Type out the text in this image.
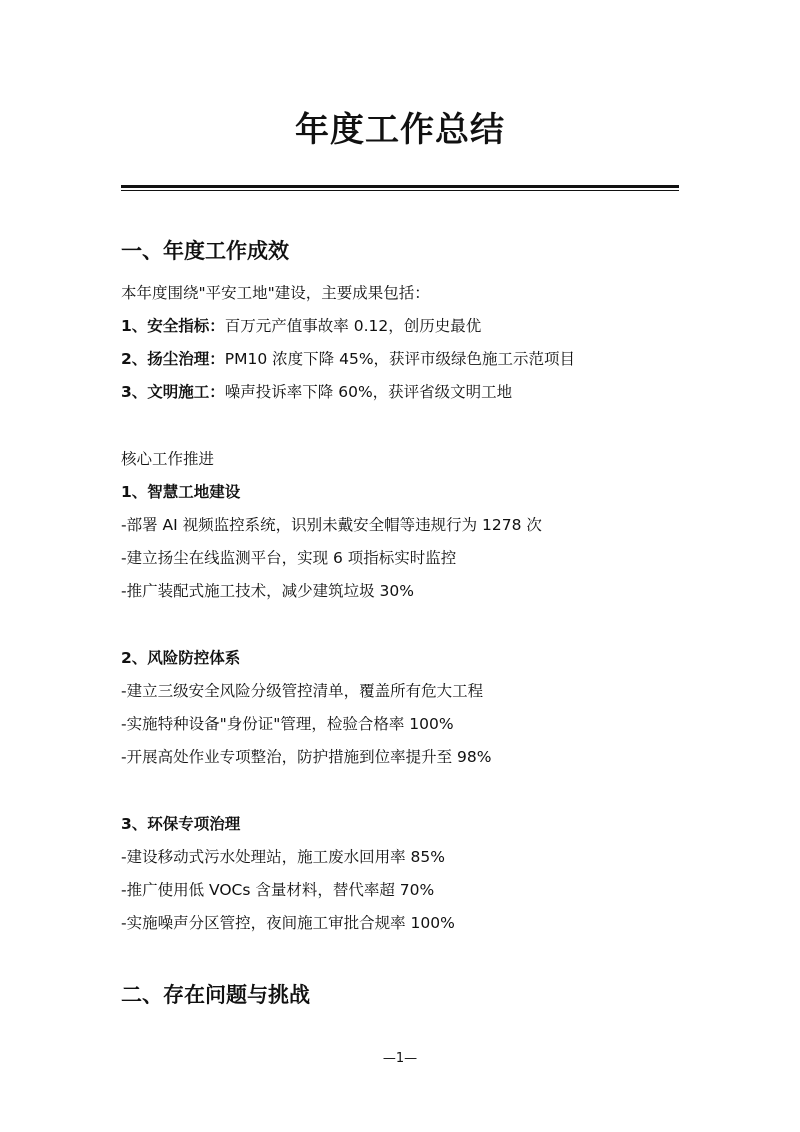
年度工作总结
一、年度工作成效
本年度围绕"平安工地"建设，主要成果包括：
1、安全指标：百万元产值事故率 0.12，创历史最优
2、扬尘治理：PM10 浓度下降 45%，获评市级绿色施工示范项目
3、文明施工：噪声投诉率下降 60%，获评省级文明工地
核心工作推进
1、智慧工地建设
-部署 AI 视频监控系统，识别未戴安全帽等违规行为 1278 次
-建立扬尘在线监测平台，实现 6 项指标实时监控
-推广装配式施工技术，减少建筑垃圾 30%
2、风险防控体系
-建立三级安全风险分级管控清单，覆盖所有危大工程
-实施特种设备"身份证"管理，检验合格率 100%
-开展高处作业专项整治，防护措施到位率提升至 98%
3、环保专项治理
-建设移动式污水处理站，施工废水回用率 85%
-推广使用低 VOCs 含量材料，替代率超 70%
-实施噪声分区管控，夜间施工审批合规率 100%
二、存在问题与挑战
—1—
